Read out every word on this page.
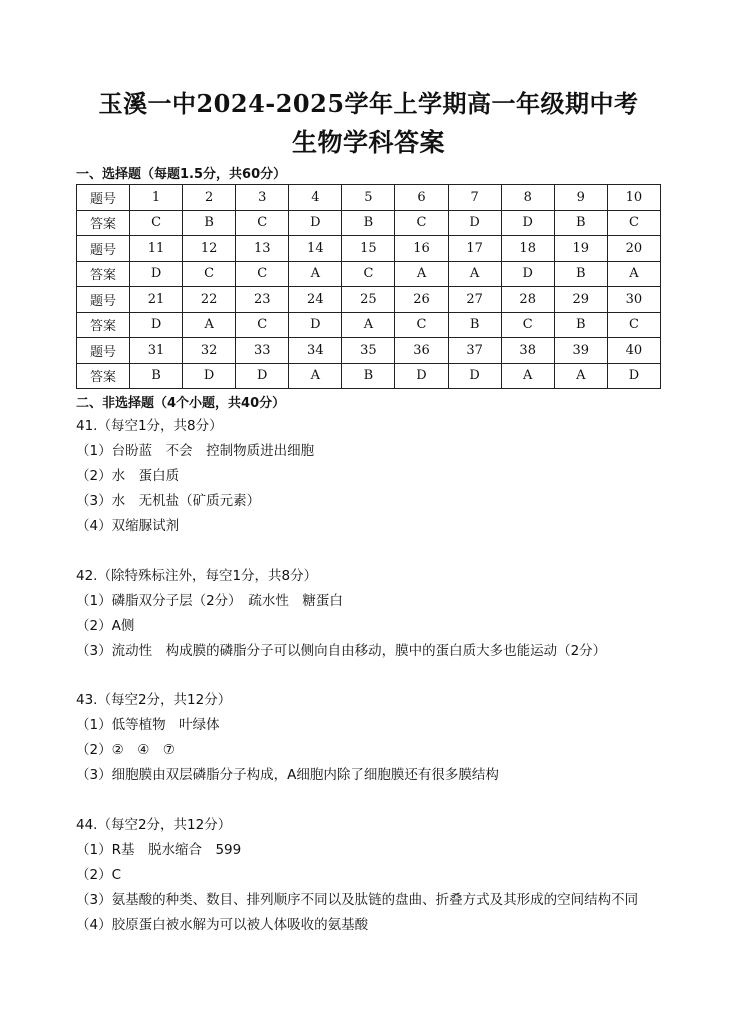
玉溪一中2024-2025学年上学期高一年级期中考
生物学科答案
一、选择题（每题1.5分，共60分）
题号	1	2	3	4	5	6	7	8	9	10
答案	C	B	C	D	B	C	D	D	B	C
题号	11	12	13	14	15	16	17	18	19	20
答案	D	C	C	A	C	A	A	D	B	A
题号	21	22	23	24	25	26	27	28	29	30
答案	D	A	C	D	A	C	B	C	B	C
题号	31	32	33	34	35	36	37	38	39	40
答案	B	D	D	A	B	D	D	A	A	D
二、非选择题（4个小题，共40分）
41.（每空1分，共8分）
（1）台盼蓝　不会　控制物质进出细胞
（2）水　蛋白质
（3）水　无机盐（矿质元素）
（4）双缩脲试剂
42.（除特殊标注外，每空1分，共8分）
（1）磷脂双分子层（2分）　疏水性　糖蛋白
（2）A侧
（3）流动性　构成膜的磷脂分子可以侧向自由移动，膜中的蛋白质大多也能运动（2分）
43.（每空2分，共12分）
（1）低等植物　叶绿体
（2）②　④　⑦
（3）细胞膜由双层磷脂分子构成，A细胞内除了细胞膜还有很多膜结构
44.（每空2分，共12分）
（1）R基　脱水缩合　599
（2）C
（3）氨基酸的种类、数目、排列顺序不同以及肽链的盘曲、折叠方式及其形成的空间结构不同
（4）胶原蛋白被水解为可以被人体吸收的氨基酸
